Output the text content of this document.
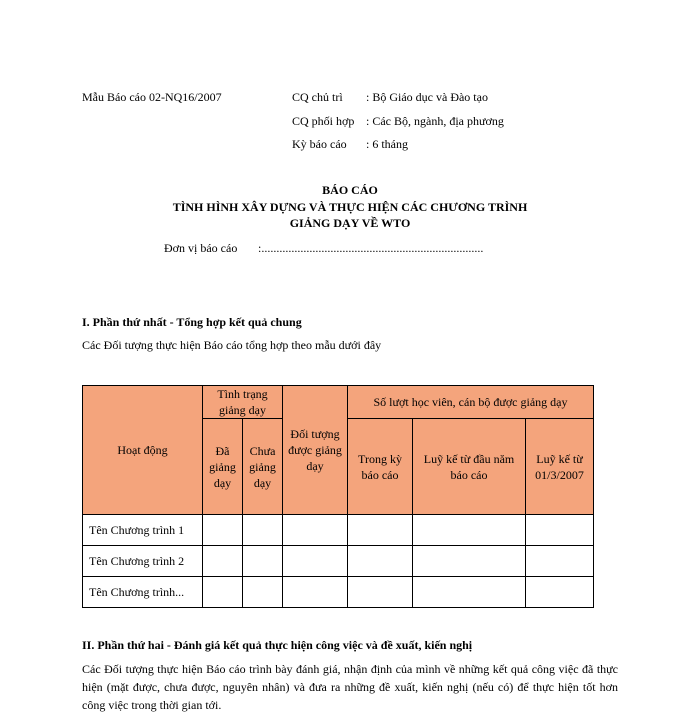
Mẫu Báo cáo 02-NQ16/2007	CQ chủ trì : Bộ Giáo dục và Đào tạo
CQ phối hợp : Các Bộ, ngành, địa phương
Kỳ báo cáo : 6 tháng
BÁO CÁO
TÌNH HÌNH XÂY DỰNG VÀ THỰC HIỆN CÁC CHƯƠNG TRÌNH
GIẢNG DẠY VỀ WTO
Đơn vị báo cáo :..........................................................................
I. Phần thứ nhất - Tổng hợp kết quả chung
Các Đối tượng thực hiện Báo cáo tổng hợp theo mẫu dưới đây
Hoạt động	Tình trạng giảng dạy		Đối tượng được giảng dạy	Số lượt học viên, cán bộ được giảng dạy		
	Đã giảng dạy	Chưa giảng dạy		Trong kỳ báo cáo	Luỹ kế từ đầu năm báo cáo	Luỹ kế từ 01/3/2007
Tên Chương trình 1						
Tên Chương trình 2						
Tên Chương trình...						
II. Phần thứ hai - Đánh giá kết quả thực hiện công việc và đề xuất, kiến nghị
Các Đối tượng thực hiện Báo cáo trình bày đánh giá, nhận định của mình về những kết quả công việc đã thực hiện (mặt được, chưa được, nguyên nhân) và đưa ra những đề xuất, kiến nghị (nếu có) để thực hiện tốt hơn công việc trong thời gian tới.
